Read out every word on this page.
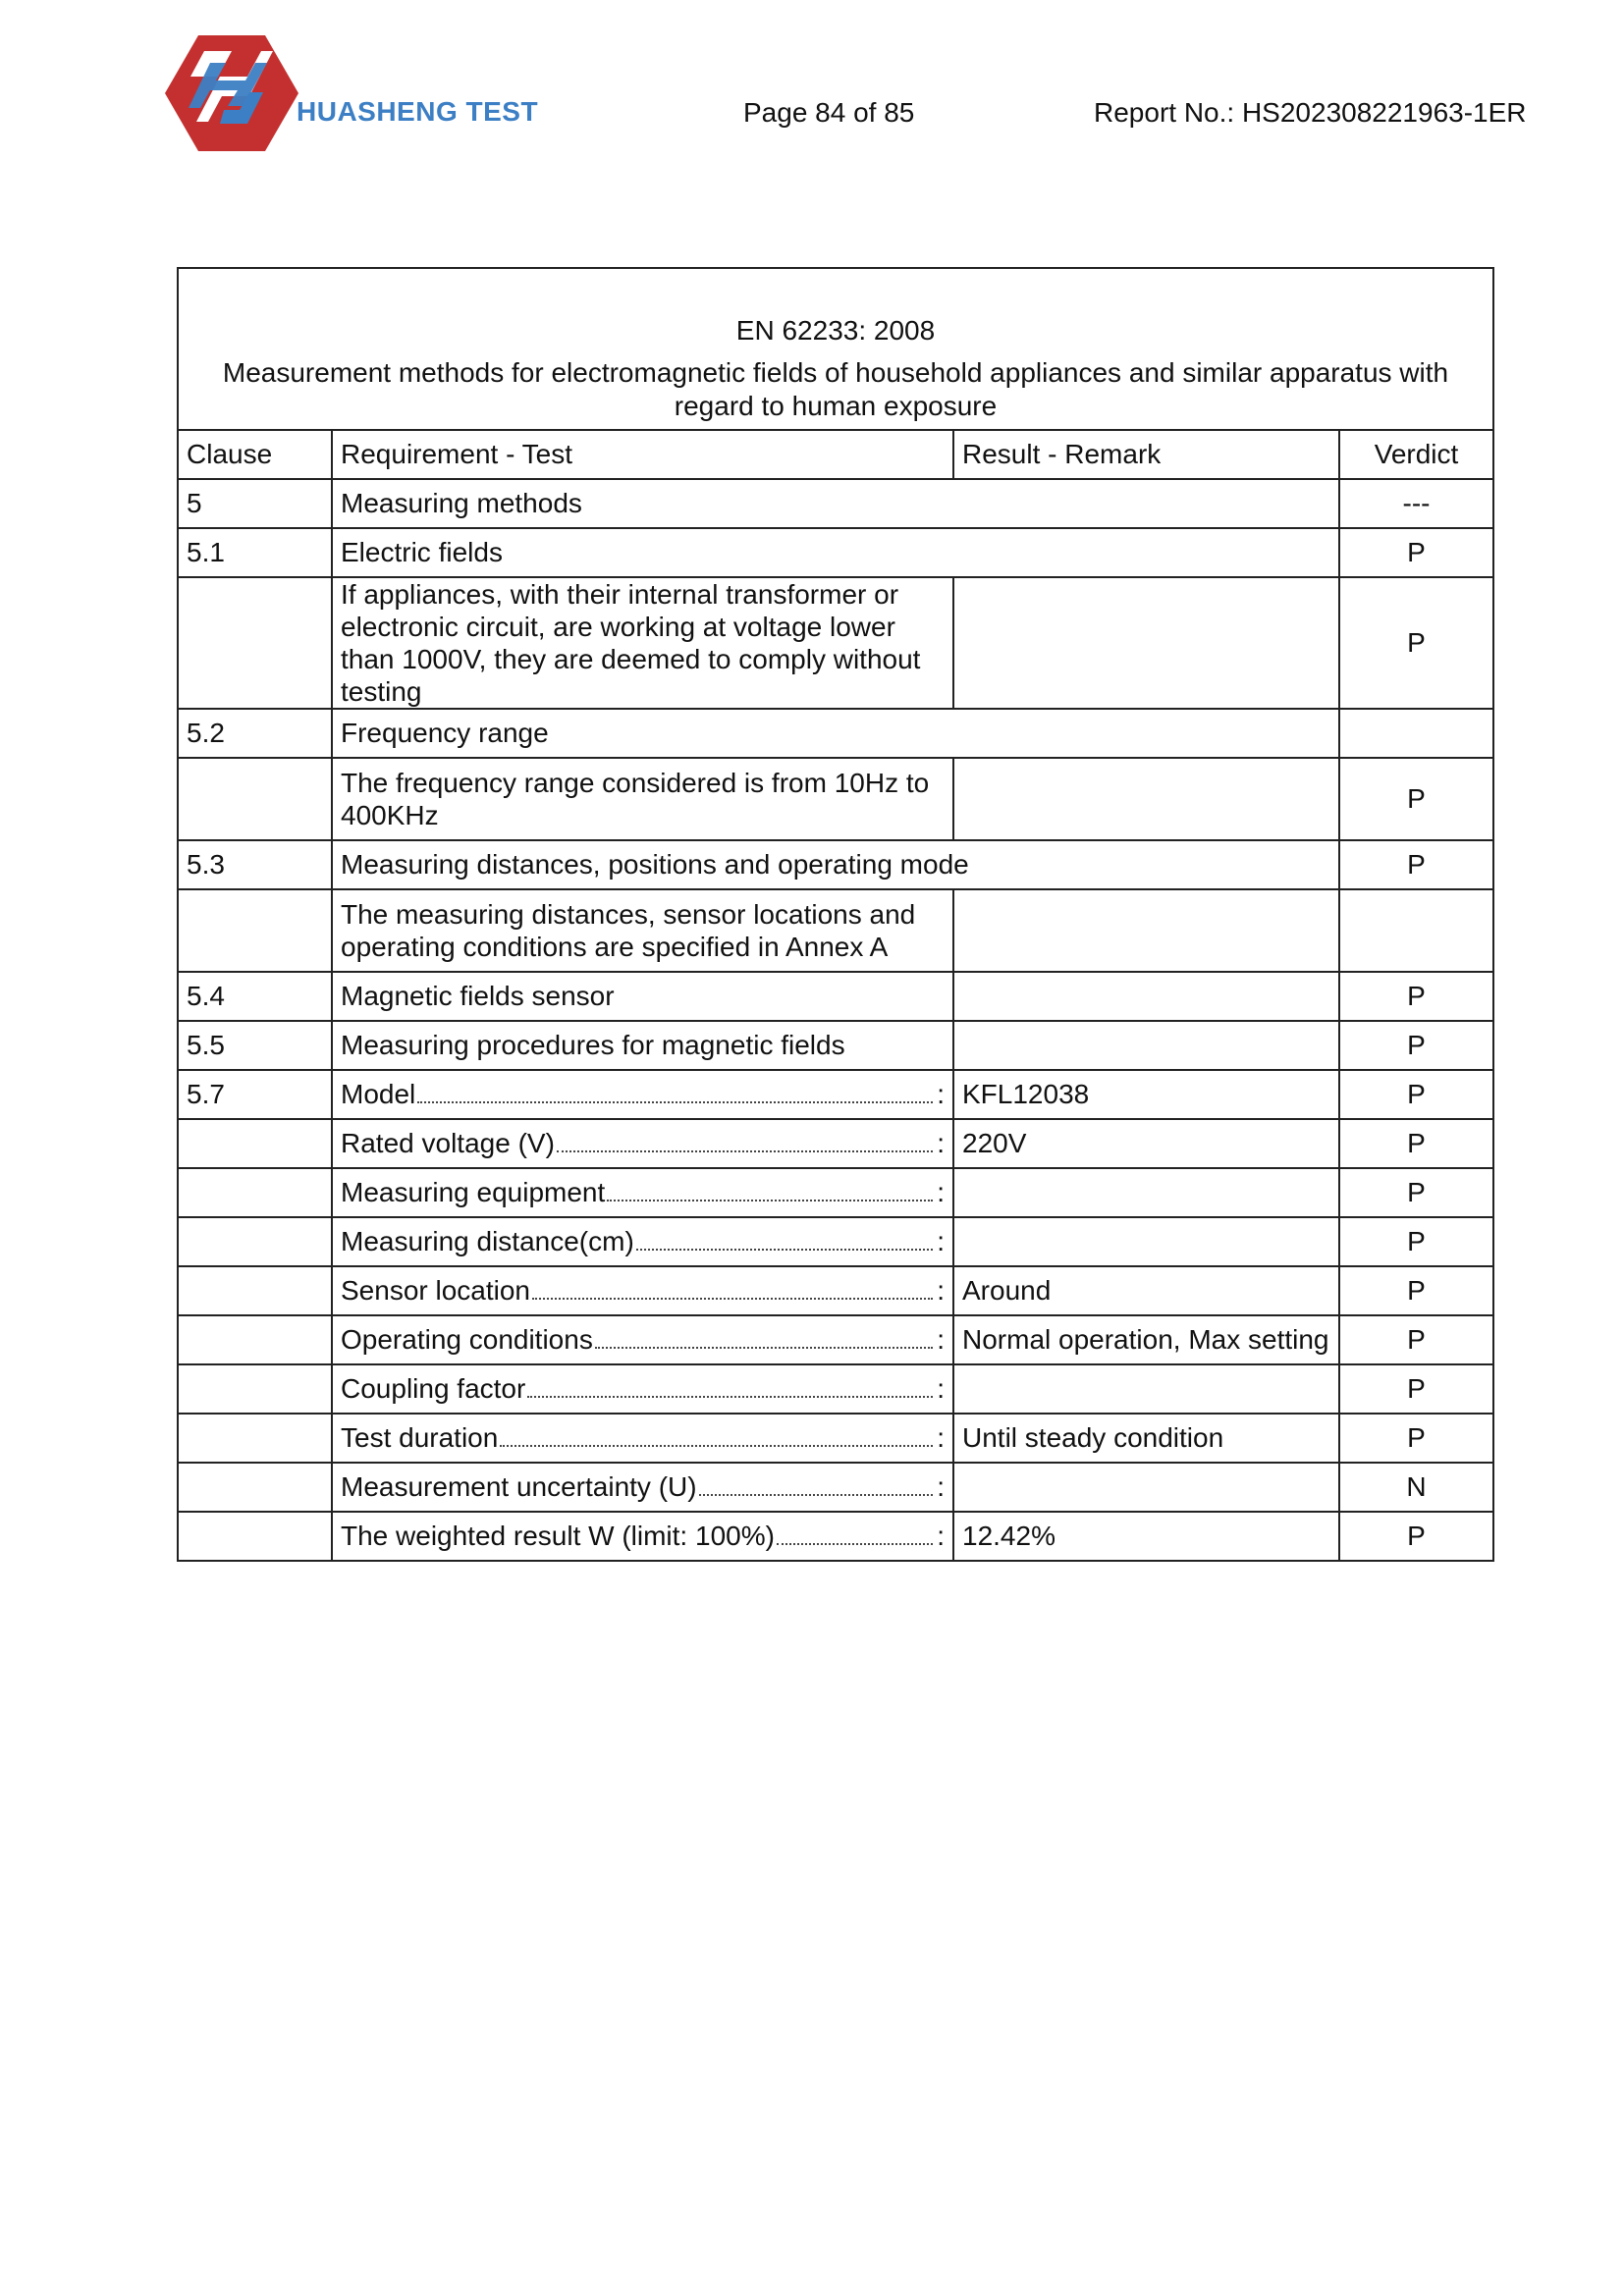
HUASHENG TEST	Page 84 of 85	Report No.: HS202308221963-1ER
EN 62233: 2008
Measurement methods for electromagnetic fields of household appliances and similar apparatus with regard to human exposure			
Clause	Requirement - Test	Result - Remark	Verdict
5	Measuring methods		---
5.1	Electric fields		P
	If appliances, with their internal transformer or electronic circuit, are working at voltage lower than 1000V, they are deemed to comply without testing		P
5.2	Frequency range		
	The frequency range considered is from 10Hz to 400KHz		P
5.3	Measuring distances, positions and operating mode		P
	The measuring distances, sensor locations and operating conditions are specified in Annex A		
5.4	Magnetic fields sensor		P
5.5	Measuring procedures for magnetic fields		P
5.7	Model :	KFL12038	P

	Rated voltage (V) :	220V	P

	Measuring equipment :		P

	Measuring distance(cm) :		P

	Sensor location :	Around	P

	Operating conditions :	Normal operation, Max setting	P

	Coupling factor :		P

	Test duration :	Until steady condition	P

	Measurement uncertainty (U) :		N

	The weighted result W (limit: 100%) :	12.42%	P
